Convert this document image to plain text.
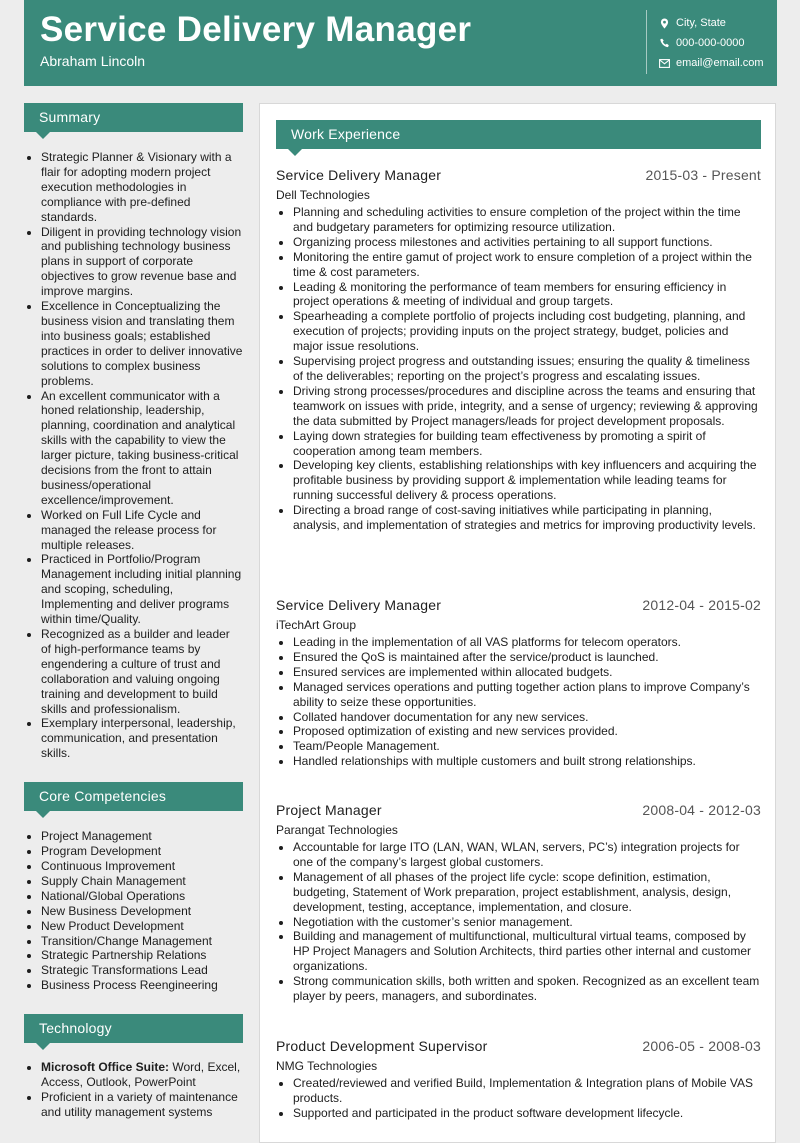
Service Delivery Manager
Abraham Lincoln
City, State
000-000-0000
email@email.com
Summary
• Strategic Planner & Visionary with a flair for adopting modern project execution methodologies in compliance with pre-defined standards.
• Diligent in providing technology vision and publishing technology business plans in support of corporate objectives to grow revenue base and improve margins.
• Excellence in Conceptualizing the business vision and translating them into business goals; established practices in order to deliver innovative solutions to complex business problems.
• An excellent communicator with a honed relationship, leadership, planning, coordination and analytical skills with the capability to view the larger picture, taking business-critical decisions from the front to attain business/operational excellence/improvement.
• Worked on Full Life Cycle and managed the release process for multiple releases.
• Practiced in Portfolio/Program Management including initial planning and scoping, scheduling, Implementing and deliver programs within time/Quality.
• Recognized as a builder and leader of high-performance teams by engendering a culture of trust and collaboration and valuing ongoing training and development to build skills and professionalism.
• Exemplary interpersonal, leadership, communication, and presentation skills.
Core Competencies
• Project Management
• Program Development
• Continuous Improvement
• Supply Chain Management
• National/Global Operations
• New Business Development
• New Product Development
• Transition/Change Management
• Strategic Partnership Relations
• Strategic Transformations Lead
• Business Process Reengineering
Technology
• Microsoft Office Suite: Word, Excel, Access, Outlook, PowerPoint
• Proficient in a variety of maintenance and utility management systems
Work Experience
Service Delivery Manager	2015-03 - Present
Dell Technologies
• Planning and scheduling activities to ensure completion of the project within the time and budgetary parameters for optimizing resource utilization.
• Organizing process milestones and activities pertaining to all support functions.
• Monitoring the entire gamut of project work to ensure completion of a project within the time & cost parameters.
• Leading & monitoring the performance of team members for ensuring efficiency in project operations & meeting of individual and group targets.
• Spearheading a complete portfolio of projects including cost budgeting, planning, and execution of projects; providing inputs on the project strategy, budget, policies and major issue resolutions.
• Supervising project progress and outstanding issues; ensuring the quality & timeliness of the deliverables; reporting on the project’s progress and escalating issues.
• Driving strong processes/procedures and discipline across the teams and ensuring that teamwork on issues with pride, integrity, and a sense of urgency; reviewing & approving the data submitted by Project managers/leads for project development proposals.
• Laying down strategies for building team effectiveness by promoting a spirit of cooperation among team members.
• Developing key clients, establishing relationships with key influencers and acquiring the profitable business by providing support & implementation while leading teams for running successful delivery & process operations.
• Directing a broad range of cost-saving initiatives while participating in planning, analysis, and implementation of strategies and metrics for improving productivity levels.
Service Delivery Manager	2012-04 - 2015-02
iTechArt Group
• Leading in the implementation of all VAS platforms for telecom operators.
• Ensured the QoS is maintained after the service/product is launched.
• Ensured services are implemented within allocated budgets.
• Managed services operations and putting together action plans to improve Company’s ability to seize these opportunities.
• Collated handover documentation for any new services.
• Proposed optimization of existing and new services provided.
• Team/People Management.
• Handled relationships with multiple customers and built strong relationships.
Project Manager	2008-04 - 2012-03
Parangat Technologies
• Accountable for large ITO (LAN, WAN, WLAN, servers, PC’s) integration projects for one of the company’s largest global customers.
• Management of all phases of the project life cycle: scope definition, estimation, budgeting, Statement of Work preparation, project establishment, analysis, design, development, testing, acceptance, implementation, and closure.
• Negotiation with the customer’s senior management.
• Building and management of multifunctional, multicultural virtual teams, composed by HP Project Managers and Solution Architects, third parties other internal and customer organizations.
• Strong communication skills, both written and spoken. Recognized as an excellent team player by peers, managers, and subordinates.
Product Development Supervisor	2006-05 - 2008-03
NMG Technologies
• Created/reviewed and verified Build, Implementation & Integration plans of Mobile VAS products.
• Supported and participated in the product software development lifecycle.
